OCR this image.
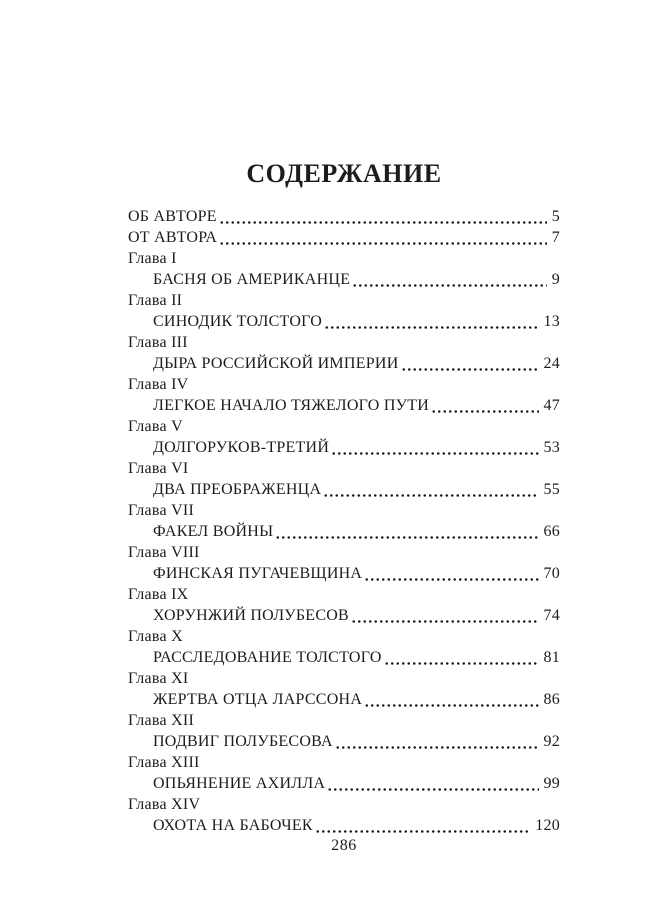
СОДЕРЖАНИЕ
ОБ АВТОРЕ	5
ОТ АВТОРА	7
Глава I
БАСНЯ ОБ АМЕРИКАНЦЕ	9
Глава II
СИНОДИК ТОЛСТОГО	13
Глава III
ДЫРА РОССИЙСКОЙ ИМПЕРИИ	24
Глава IV
ЛЕГКОЕ НАЧАЛО ТЯЖЕЛОГО ПУТИ	47
Глава V
ДОЛГОРУКОВ-ТРЕТИЙ	53
Глава VI
ДВА ПРЕОБРАЖЕНЦА	55
Глава VII
ФАКЕЛ ВОЙНЫ	66
Глава VIII
ФИНСКАЯ ПУГАЧЕВЩИНА	70
Глава IX
ХОРУНЖИЙ ПОЛУБЕСОВ	74
Глава X
РАССЛЕДОВАНИЕ ТОЛСТОГО	81
Глава XI
ЖЕРТВА ОТЦА ЛАРССОНА	86
Глава XII
ПОДВИГ ПОЛУБЕСОВА	92
Глава XIII
ОПЬЯНЕНИЕ АХИЛЛА	99
Глава XIV
ОХОТА НА БАБОЧЕК	120
286
